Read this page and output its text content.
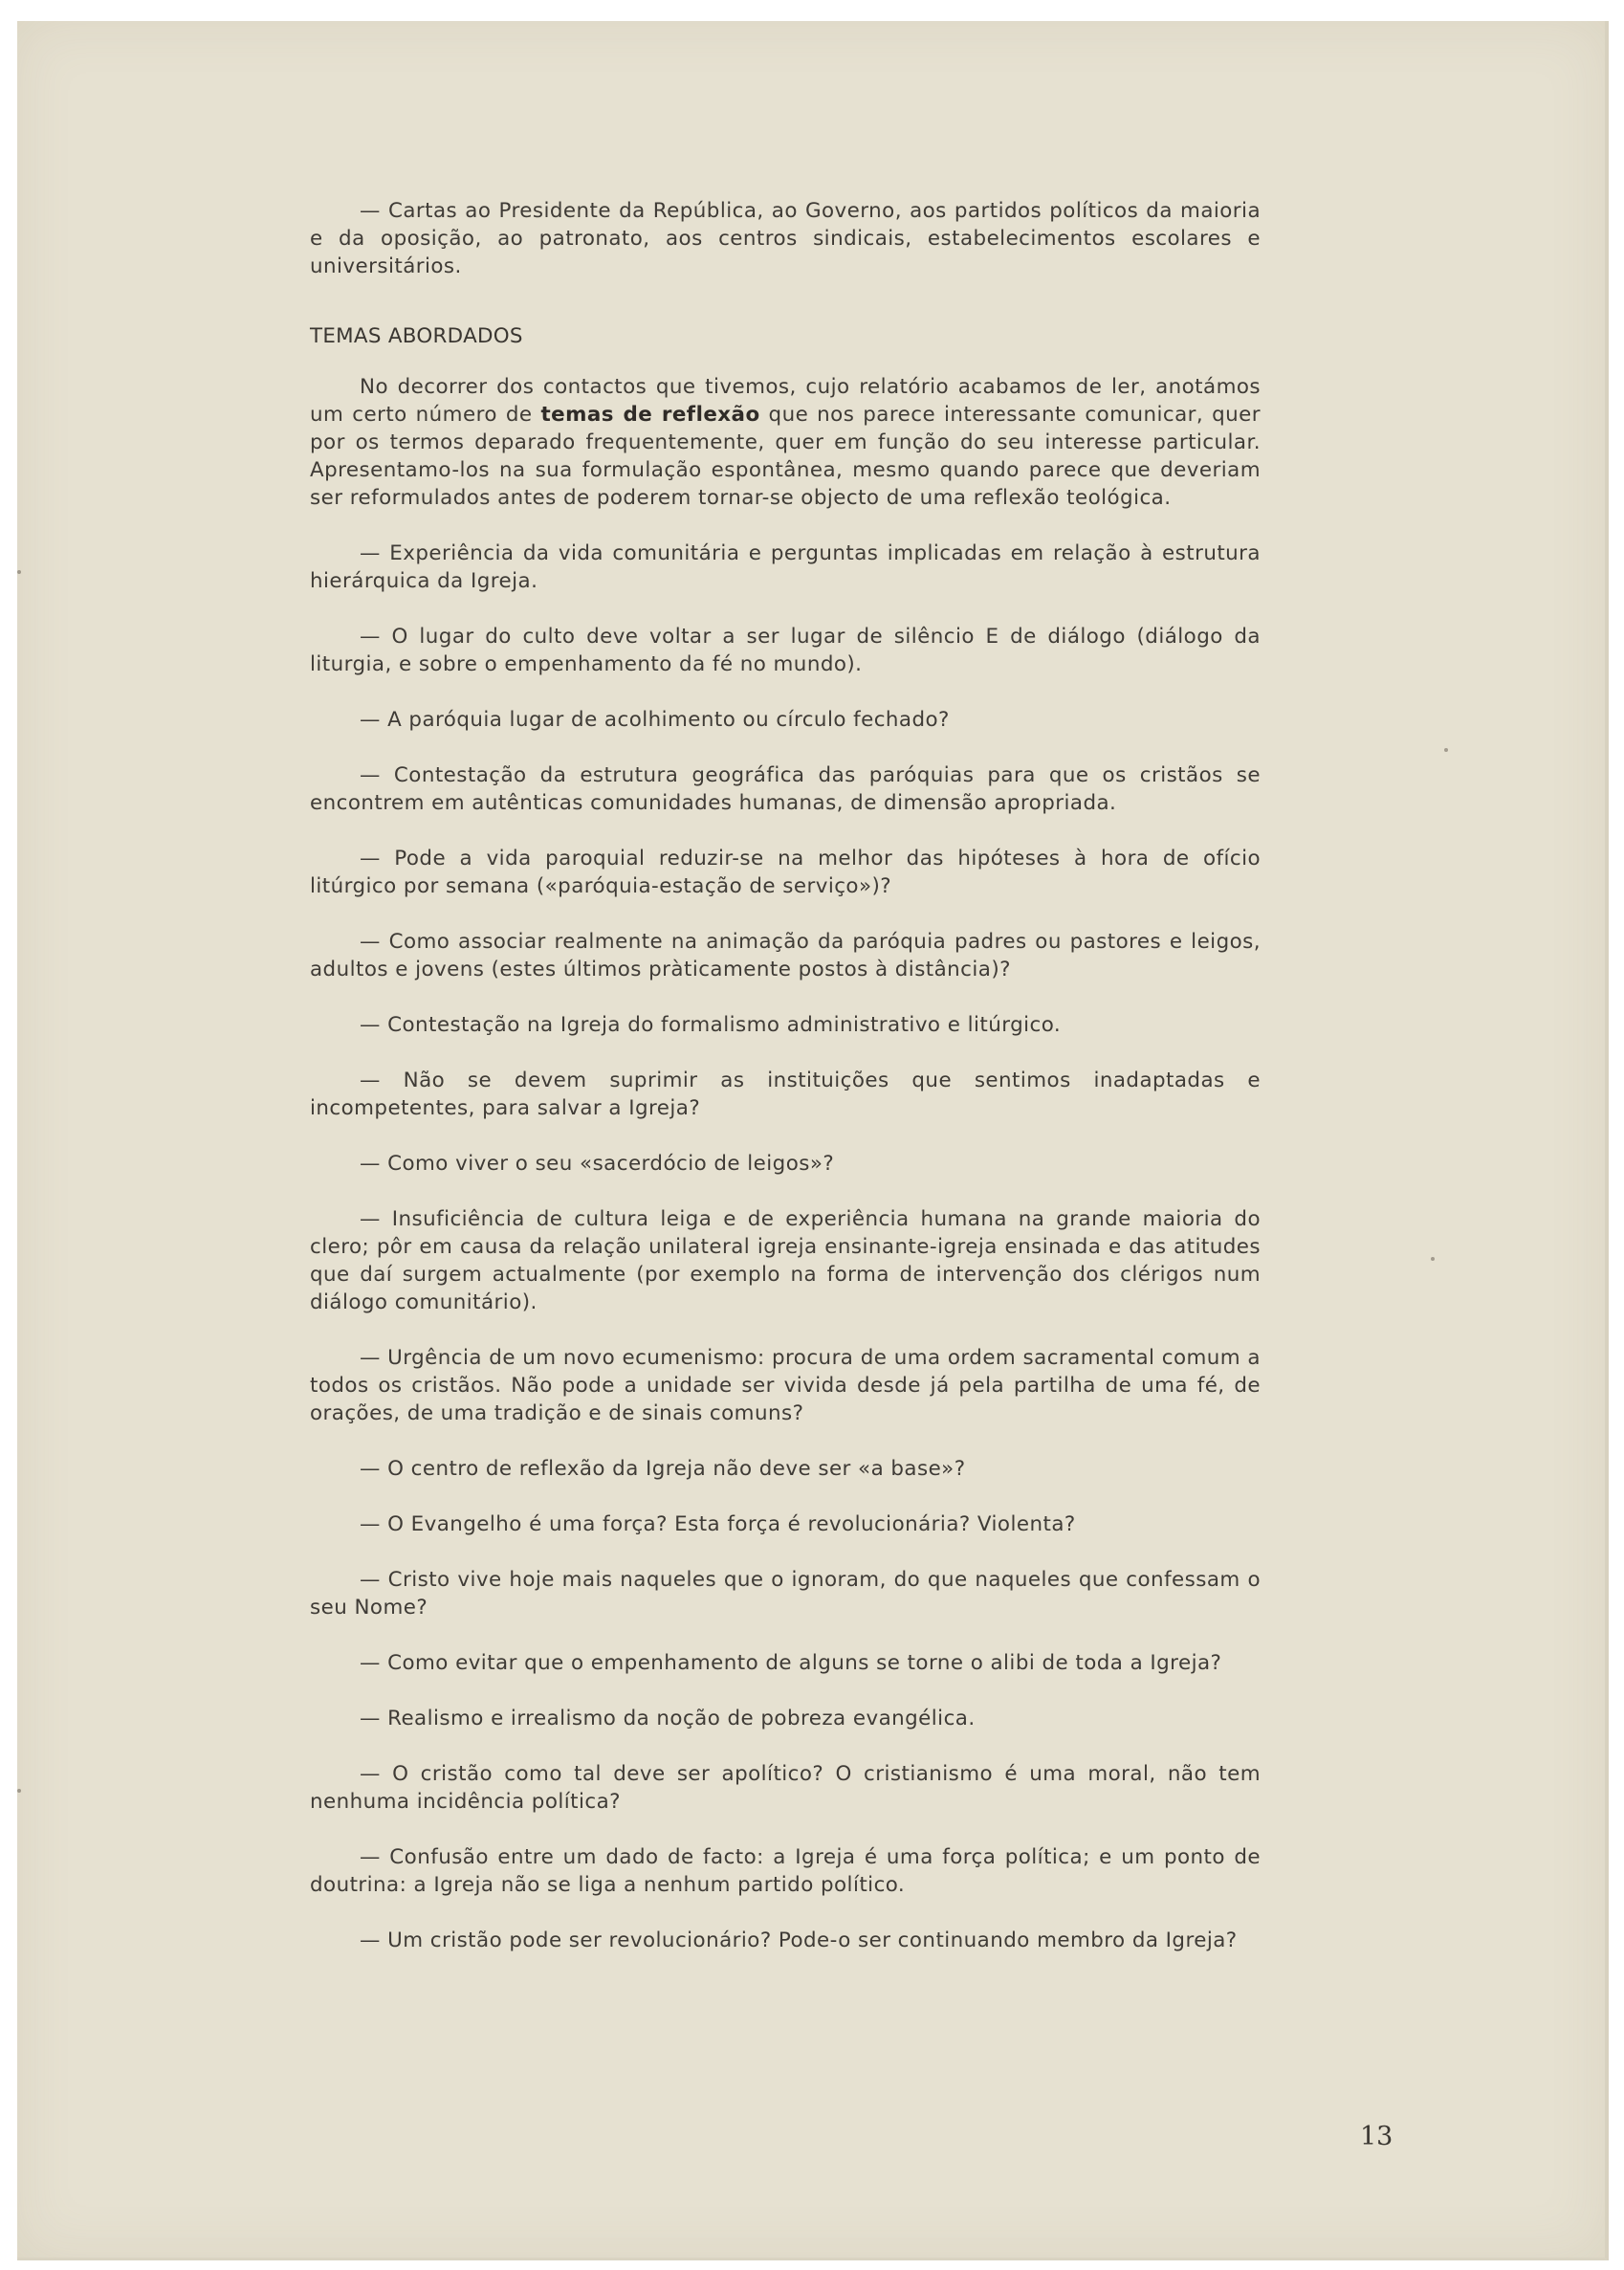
— Cartas ao Presidente da República, ao Governo, aos partidos políticos da maioria e da oposição, ao patronato, aos centros sindicais, estabelecimentos escolares e universitários.

TEMAS ABORDADOS

No decorrer dos contactos que tivemos, cujo relatório acabamos de ler, anotámos um certo número de temas de reflexão que nos parece interessante comunicar, quer por os termos deparado frequentemente, quer em função do seu interesse particular. Apresentamo-los na sua formulação espontânea, mesmo quando parece que deveriam ser reformulados antes de poderem tornar-se objecto de uma reflexão teológica.

— Experiência da vida comunitária e perguntas implicadas em relação à estrutura hierárquica da Igreja.

— O lugar do culto deve voltar a ser lugar de silêncio E de diálogo (diálogo da liturgia, e sobre o empenhamento da fé no mundo).

— A paróquia lugar de acolhimento ou círculo fechado?

— Contestação da estrutura geográfica das paróquias para que os cristãos se encontrem em autênticas comunidades humanas, de dimensão apropriada.

— Pode a vida paroquial reduzir-se na melhor das hipóteses à hora de ofício litúrgico por semana («paróquia-estação de serviço»)?

— Como associar realmente na animação da paróquia padres ou pastores e leigos, adultos e jovens (estes últimos pràticamente postos à distância)?

— Contestação na Igreja do formalismo administrativo e litúrgico.

— Não se devem suprimir as instituições que sentimos inadaptadas e incompetentes, para salvar a Igreja?

— Como viver o seu «sacerdócio de leigos»?

— Insuficiência de cultura leiga e de experiência humana na grande maioria do clero; pôr em causa da relação unilateral igreja ensinante-igreja ensinada e das atitudes que daí surgem actualmente (por exemplo na forma de intervenção dos clérigos num diálogo comunitário).

— Urgência de um novo ecumenismo: procura de uma ordem sacramental comum a todos os cristãos. Não pode a unidade ser vivida desde já pela partilha de uma fé, de orações, de uma tradição e de sinais comuns?

— O centro de reflexão da Igreja não deve ser «a base»?

— O Evangelho é uma força? Esta força é revolucionária? Violenta?

— Cristo vive hoje mais naqueles que o ignoram, do que naqueles que confessam o seu Nome?

— Como evitar que o empenhamento de alguns se torne o alibi de toda a Igreja?

— Realismo e irrealismo da noção de pobreza evangélica.

— O cristão como tal deve ser apolítico? O cristianismo é uma moral, não tem nenhuma incidência política?

— Confusão entre um dado de facto: a Igreja é uma força política; e um ponto de doutrina: a Igreja não se liga a nenhum partido político.

— Um cristão pode ser revolucionário? Pode-o ser continuando membro da Igreja?

13
